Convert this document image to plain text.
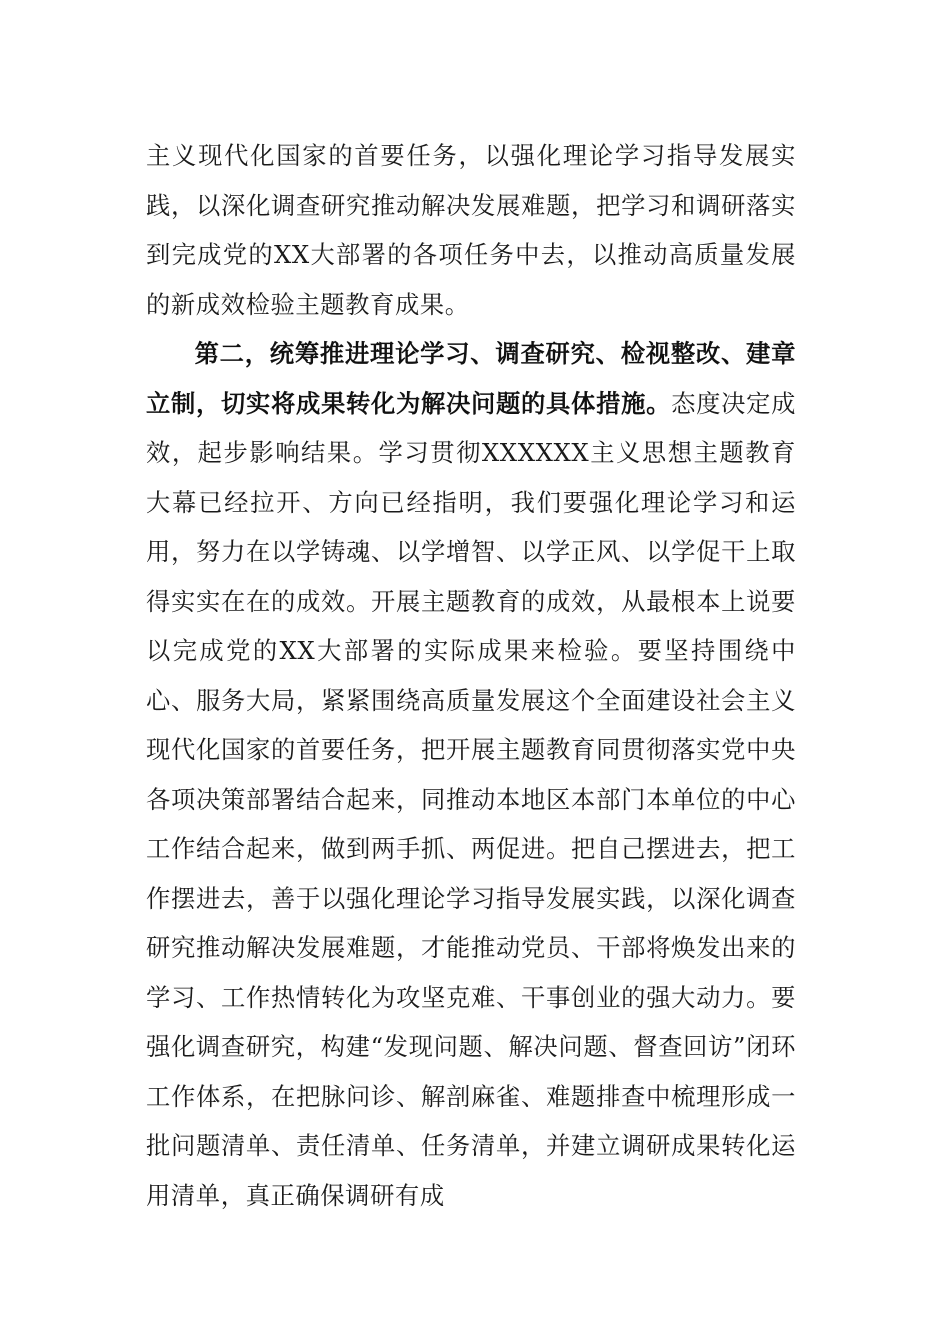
主义现代化国家的首要任务，以强化理论学习指导发展实践，以深化调查研究推动解决发展难题，把学习和调研落实到完成党的XX大部署的各项任务中去，以推动高质量发展的新成效检验主题教育成果。

第二，统筹推进理论学习、调查研究、检视整改、建章立制，切实将成果转化为解决问题的具体措施。态度决定成效，起步影响结果。学习贯彻XXXXXX主义思想主题教育大幕已经拉开、方向已经指明，我们要强化理论学习和运用，努力在以学铸魂、以学增智、以学正风、以学促干上取得实实在在的成效。开展主题教育的成效，从最根本上说要以完成党的XX大部署的实际成果来检验。要坚持围绕中心、服务大局，紧紧围绕高质量发展这个全面建设社会主义现代化国家的首要任务，把开展主题教育同贯彻落实党中央各项决策部署结合起来，同推动本地区本部门本单位的中心工作结合起来，做到两手抓、两促进。把自己摆进去，把工作摆进去，善于以强化理论学习指导发展实践，以深化调查研究推动解决发展难题，才能推动党员、干部将焕发出来的学习、工作热情转化为攻坚克难、干事创业的强大动力。要强化调查研究，构建“发现问题、解决问题、督查回访”闭环工作体系，在把脉问诊、解剖麻雀、难题排查中梳理形成一批问题清单、责任清单、任务清单，并建立调研成果转化运用清单，真正确保调研有成
